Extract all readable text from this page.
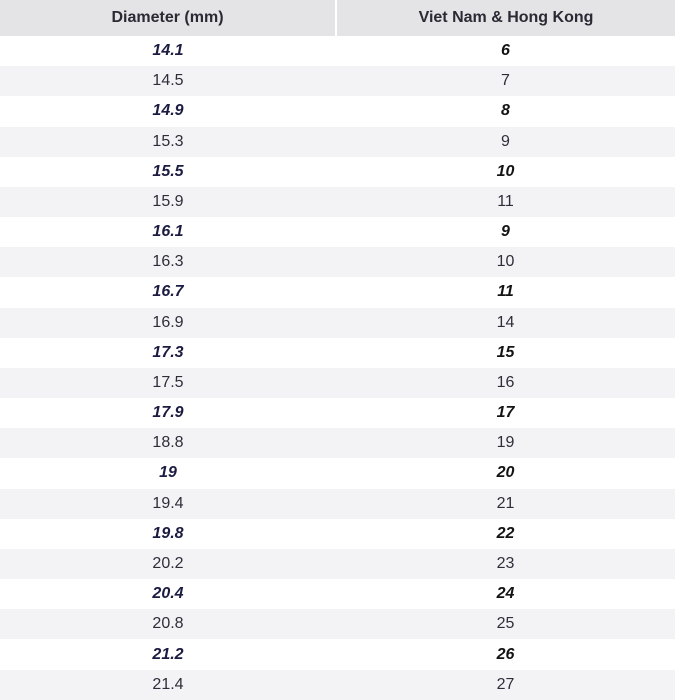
Diameter (mm)	Viet Nam & Hong Kong
14.1	6
14.5	7
14.9	8
15.3	9
15.5	10
15.9	11
16.1	9
16.3	10
16.7	11
16.9	14
17.3	15
17.5	16
17.9	17
18.8	19
19	20
19.4	21
19.8	22
20.2	23
20.4	24
20.8	25
21.2	26
21.4	27
